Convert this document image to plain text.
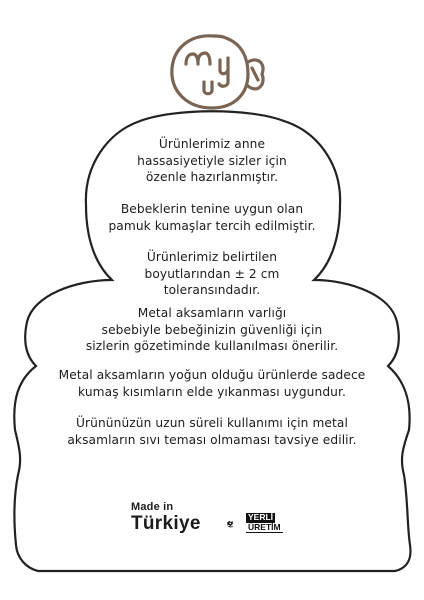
Ürünlerimiz anne

hassasiyetiyle sizler için

özenle hazırlanmıştır.

Bebeklerin tenine uygun olan

pamuk kumaşlar tercih edilmiştir.

Ürünlerimiz belirtilen

boyutlarından ± 2 cm

toleransındadır.

Metal aksamların varlığı

sebebiyle bebeğinizin güvenliği için

sizlerin gözetiminde kullanılması önerilir.

Metal aksamların yoğun olduğu ürünlerde sadece

kumaş kısımların elde yıkanması uygundur.

Ürününüzün uzun süreli kullanımı için metal

aksamların sıvı teması olmaması tavsiye edilir.

Made in
Türkiye	YERLİ
ÜRETİM
